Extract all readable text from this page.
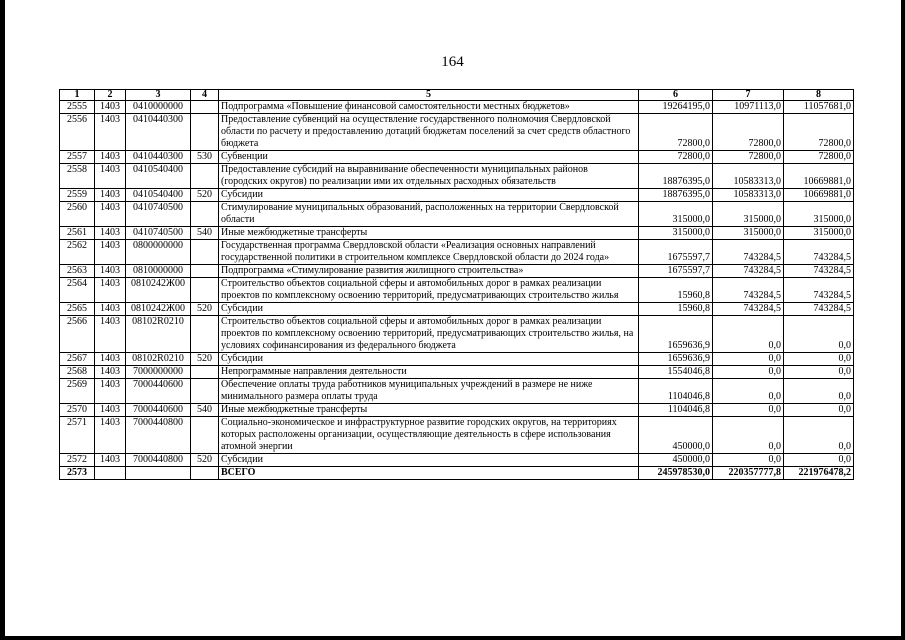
164
1	2	3	4	5	6	7	8
2555	1403	0410000000		Подпрограмма «Повышение финансовой самостоятельности местных бюджетов»	19264195,0	10971113,0	11057681,0
2556	1403	0410440300		Предоставление субвенций на осуществление государственного полномочия Свердловской области по расчету и предоставлению дотаций бюджетам поселений за счет средств областного бюджета	72800,0	72800,0	72800,0
2557	1403	0410440300	530	Субвенции	72800,0	72800,0	72800,0
2558	1403	0410540400		Предоставление субсидий на выравнивание обеспеченности муниципальных районов (городских округов) по реализации ими их отдельных расходных обязательств	18876395,0	10583313,0	10669881,0
2559	1403	0410540400	520	Субсидии	18876395,0	10583313,0	10669881,0
2560	1403	0410740500		Стимулирование муниципальных образований, расположенных на территории Свердловской области	315000,0	315000,0	315000,0
2561	1403	0410740500	540	Иные межбюджетные трансферты	315000,0	315000,0	315000,0
2562	1403	0800000000		Государственная программа Свердловской области «Реализация основных направлений государственной политики в строительном комплексе Свердловской области до 2024 года»	1675597,7	743284,5	743284,5
2563	1403	0810000000		Подпрограмма «Стимулирование развития жилищного строительства»	1675597,7	743284,5	743284,5
2564	1403	0810242Ж00		Строительство объектов социальной сферы и автомобильных дорог в рамках реализации проектов по комплексному освоению территорий, предусматривающих строительство жилья	15960,8	743284,5	743284,5
2565	1403	0810242Ж00	520	Субсидии	15960,8	743284,5	743284,5
2566	1403	08102R0210		Строительство объектов социальной сферы и автомобильных дорог в рамках реализации проектов по комплексному освоению территорий, предусматривающих строительство жилья, на условиях софинансирования из федерального бюджета	1659636,9	0,0	0,0
2567	1403	08102R0210	520	Субсидии	1659636,9	0,0	0,0
2568	1403	7000000000		Непрограммные направления деятельности	1554046,8	0,0	0,0
2569	1403	7000440600		Обеспечение оплаты труда работников муниципальных учреждений в размере не ниже минимального размера оплаты труда	1104046,8	0,0	0,0
2570	1403	7000440600	540	Иные межбюджетные трансферты	1104046,8	0,0	0,0
2571	1403	7000440800		Социально-экономическое и инфраструктурное развитие городских округов, на территориях которых расположены организации, осуществляющие деятельность в сфере использования атомной энергии	450000,0	0,0	0,0
2572	1403	7000440800	520	Субсидии	450000,0	0,0	0,0
2573				ВСЕГО	245978530,0	220357777,8	221976478,2
